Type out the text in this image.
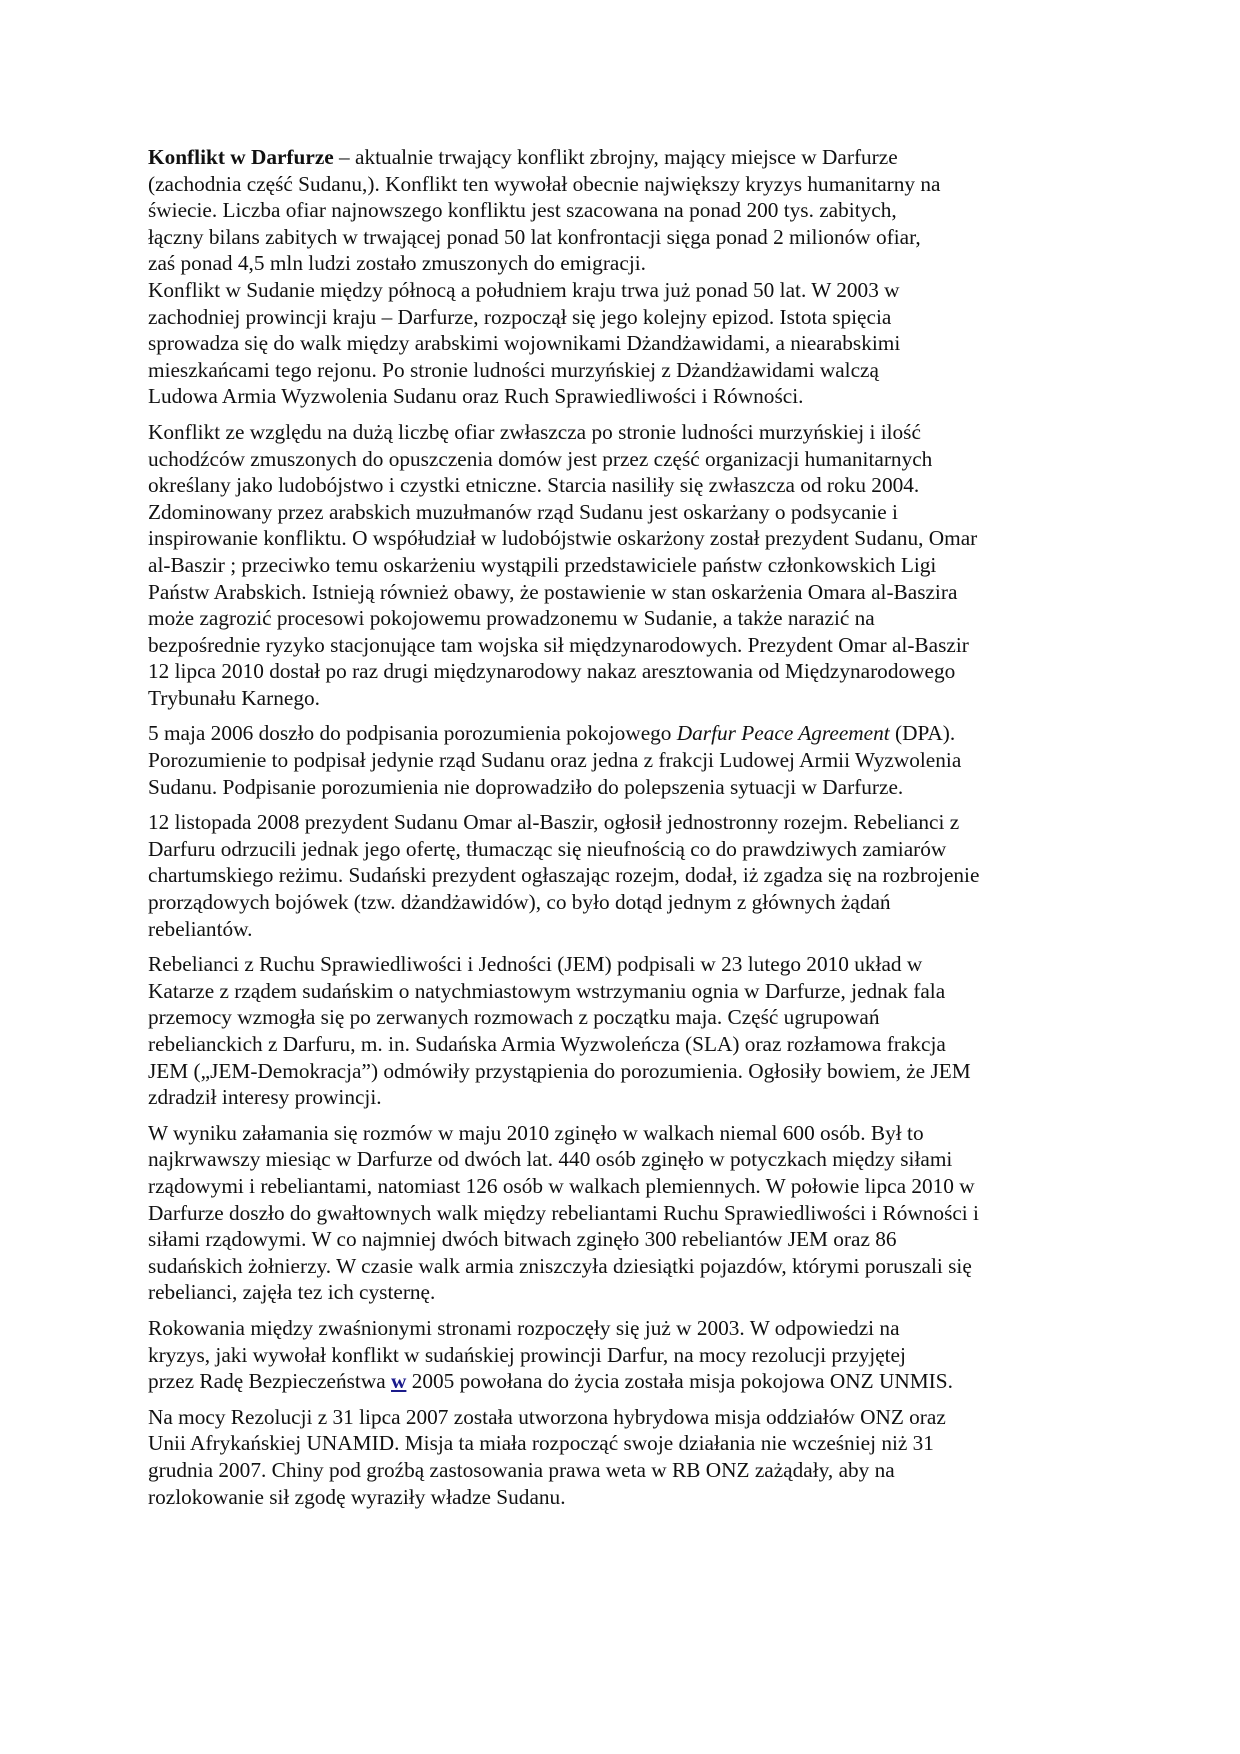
Konflikt w Darfurze – aktualnie trwający konflikt zbrojny, mający miejsce w Darfurze
(zachodnia część Sudanu,). Konflikt ten wywołał obecnie największy kryzys humanitarny na
świecie. Liczba ofiar najnowszego konfliktu jest szacowana na ponad 200 tys. zabitych,
łączny bilans zabitych w trwającej ponad 50 lat konfrontacji sięga ponad 2 milionów ofiar,
zaś ponad 4,5 mln ludzi zostało zmuszonych do emigracji.

Konflikt w Sudanie między północą a południem kraju trwa już ponad 50 lat. W 2003 w
zachodniej prowincji kraju – Darfurze, rozpoczął się jego kolejny epizod. Istota spięcia
sprowadza się do walk między arabskimi wojownikami Dżandżawidami, a niearabskimi
mieszkańcami tego rejonu. Po stronie ludności murzyńskiej z Dżandżawidami walczą
Ludowa Armia Wyzwolenia Sudanu oraz Ruch Sprawiedliwości i Równości.

Konflikt ze względu na dużą liczbę ofiar zwłaszcza po stronie ludności murzyńskiej i ilość
uchodźców zmuszonych do opuszczenia domów jest przez część organizacji humanitarnych
określany jako ludobójstwo i czystki etniczne. Starcia nasiliły się zwłaszcza od roku 2004.
Zdominowany przez arabskich muzułmanów rząd Sudanu jest oskarżany o podsycanie i
inspirowanie konfliktu. O współudział w ludobójstwie oskarżony został prezydent Sudanu, Omar
al-Baszir ; przeciwko temu oskarżeniu wystąpili przedstawiciele państw członkowskich Ligi
Państw Arabskich. Istnieją również obawy, że postawienie w stan oskarżenia Omara al-Baszira
może zagrozić procesowi pokojowemu prowadzonemu w Sudanie, a także narazić na
bezpośrednie ryzyko stacjonujące tam wojska sił międzynarodowych. Prezydent Omar al-Baszir
12 lipca 2010 dostał po raz drugi międzynarodowy nakaz aresztowania od Międzynarodowego
Trybunału Karnego.

5 maja 2006 doszło do podpisania porozumienia pokojowego Darfur Peace Agreement (DPA).
Porozumienie to podpisał jedynie rząd Sudanu oraz jedna z frakcji Ludowej Armii Wyzwolenia
Sudanu. Podpisanie porozumienia nie doprowadziło do polepszenia sytuacji w Darfurze.

12 listopada 2008 prezydent Sudanu Omar al-Baszir, ogłosił jednostronny rozejm. Rebelianci z
Darfuru odrzucili jednak jego ofertę, tłumacząc się nieufnością co do prawdziwych zamiarów
chartumskiego reżimu. Sudański prezydent ogłaszając rozejm, dodał, iż zgadza się na rozbrojenie
prorządowych bojówek (tzw. dżandżawidów), co było dotąd jednym z głównych żądań
rebeliantów.

Rebelianci z Ruchu Sprawiedliwości i Jedności (JEM) podpisali w 23 lutego 2010 układ w
Katarze z rządem sudańskim o natychmiastowym wstrzymaniu ognia w Darfurze, jednak fala
przemocy wzmogła się po zerwanych rozmowach z początku maja. Część ugrupowań
rebelianckich z Darfuru, m. in. Sudańska Armia Wyzwoleńcza (SLA) oraz rozłamowa frakcja
JEM („JEM-Demokracja”) odmówiły przystąpienia do porozumienia. Ogłosiły bowiem, że JEM
zdradził interesy prowincji.

W wyniku załamania się rozmów w maju 2010 zginęło w walkach niemal 600 osób. Był to
najkrwawszy miesiąc w Darfurze od dwóch lat. 440 osób zginęło w potyczkach między siłami
rządowymi i rebeliantami, natomiast 126 osób w walkach plemiennych. W połowie lipca 2010 w
Darfurze doszło do gwałtownych walk między rebeliantami Ruchu Sprawiedliwości i Równości i
siłami rządowymi. W co najmniej dwóch bitwach zginęło 300 rebeliantów JEM oraz 86
sudańskich żołnierzy. W czasie walk armia zniszczyła dziesiątki pojazdów, którymi poruszali się
rebelianci, zajęła tez ich cysternę.

Rokowania między zwaśnionymi stronami rozpoczęły się już w 2003. W odpowiedzi na
kryzys, jaki wywołał konflikt w sudańskiej prowincji Darfur, na mocy rezolucji przyjętej
przez Radę Bezpieczeństwa w 2005 powołana do życia została misja pokojowa ONZ UNMIS.

Na mocy Rezolucji z 31 lipca 2007 została utworzona hybrydowa misja oddziałów ONZ oraz
Unii Afrykańskiej UNAMID. Misja ta miała rozpocząć swoje działania nie wcześniej niż 31
grudnia 2007. Chiny pod groźbą zastosowania prawa weta w RB ONZ zażądały, aby na
rozlokowanie sił zgodę wyraziły władze Sudanu.
